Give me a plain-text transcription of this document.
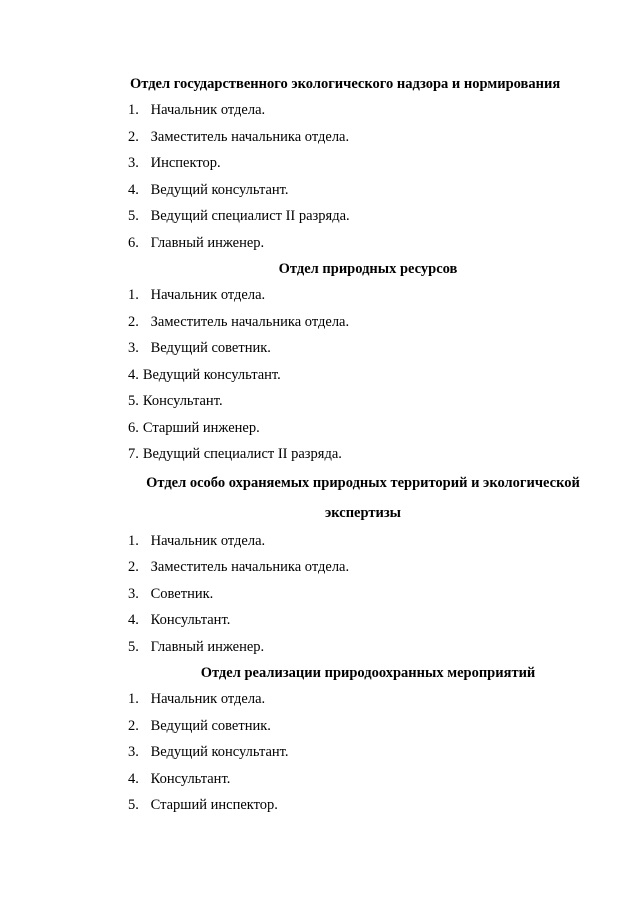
Отдел государственного экологического надзора и нормирования
1. Начальник отдела.
2. Заместитель начальника отдела.
3. Инспектор.
4. Ведущий консультант.
5. Ведущий специалист II разряда.
6. Главный инженер.
Отдел природных ресурсов
1. Начальник отдела.
2. Заместитель начальника отдела.
3. Ведущий советник.
4. Ведущий консультант.
5. Консультант.
6. Старший инженер.
7. Ведущий специалист II разряда.
Отдел особо охраняемых природных территорий и экологической экспертизы
1. Начальник отдела.
2. Заместитель начальника отдела.
3. Советник.
4. Консультант.
5. Главный инженер.
Отдел реализации природоохранных мероприятий
1. Начальник отдела.
2. Ведущий советник.
3. Ведущий консультант.
4. Консультант.
5. Старший инспектор.
